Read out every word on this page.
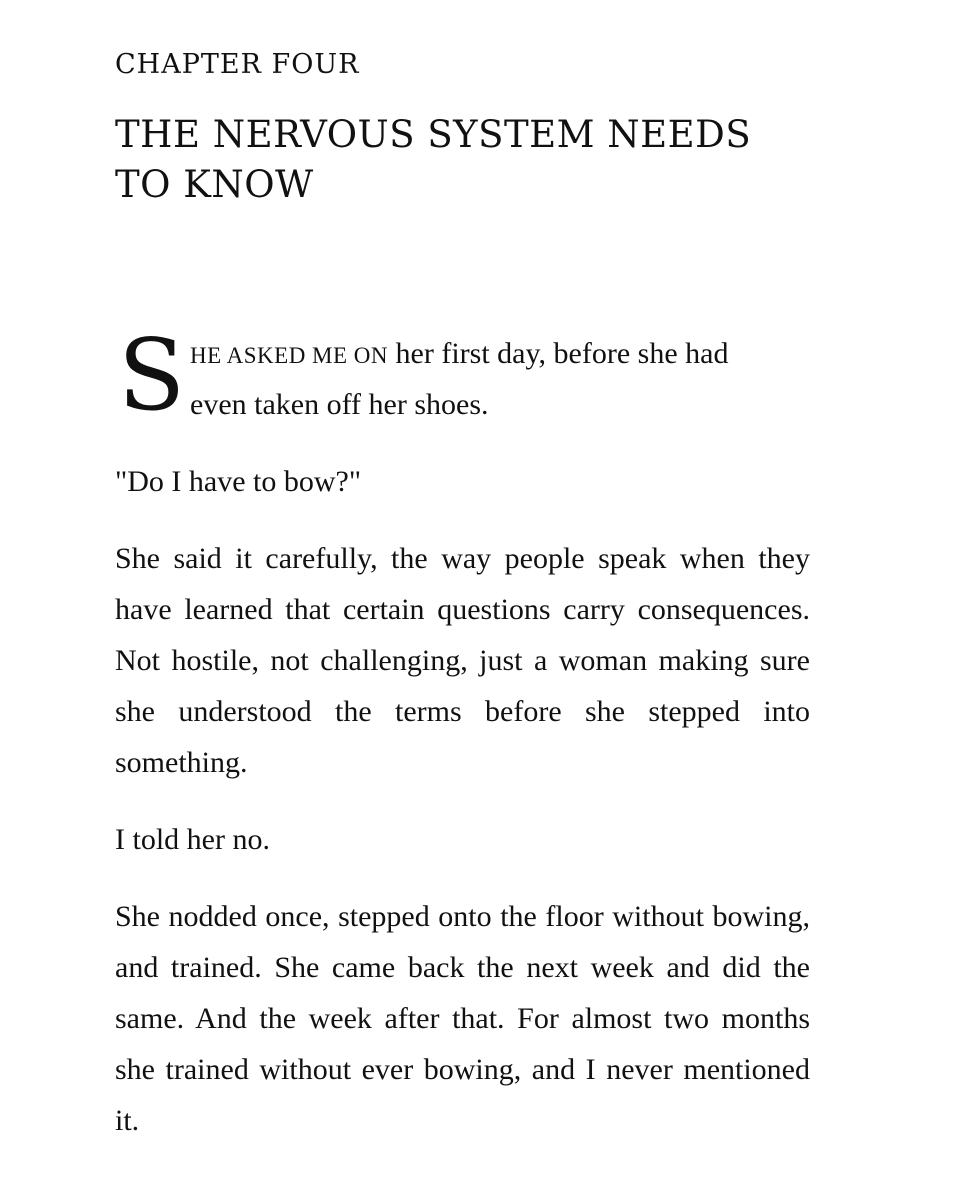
CHAPTER FOUR
THE NERVOUS SYSTEM NEEDS TO KNOW
S HE ASKED ME ON her first day, before she had
even taken off her shoes.

"Do I have to bow?"

She said it carefully, the way people speak when they have learned that certain questions carry consequences. Not hostile, not challenging, just a woman making sure she understood the terms before she stepped into something.

I told her no.

She nodded once, stepped onto the floor without bowing, and trained. She came back the next week and did the same. And the week after that. For almost two months she trained without ever bowing, and I never mentioned it.
